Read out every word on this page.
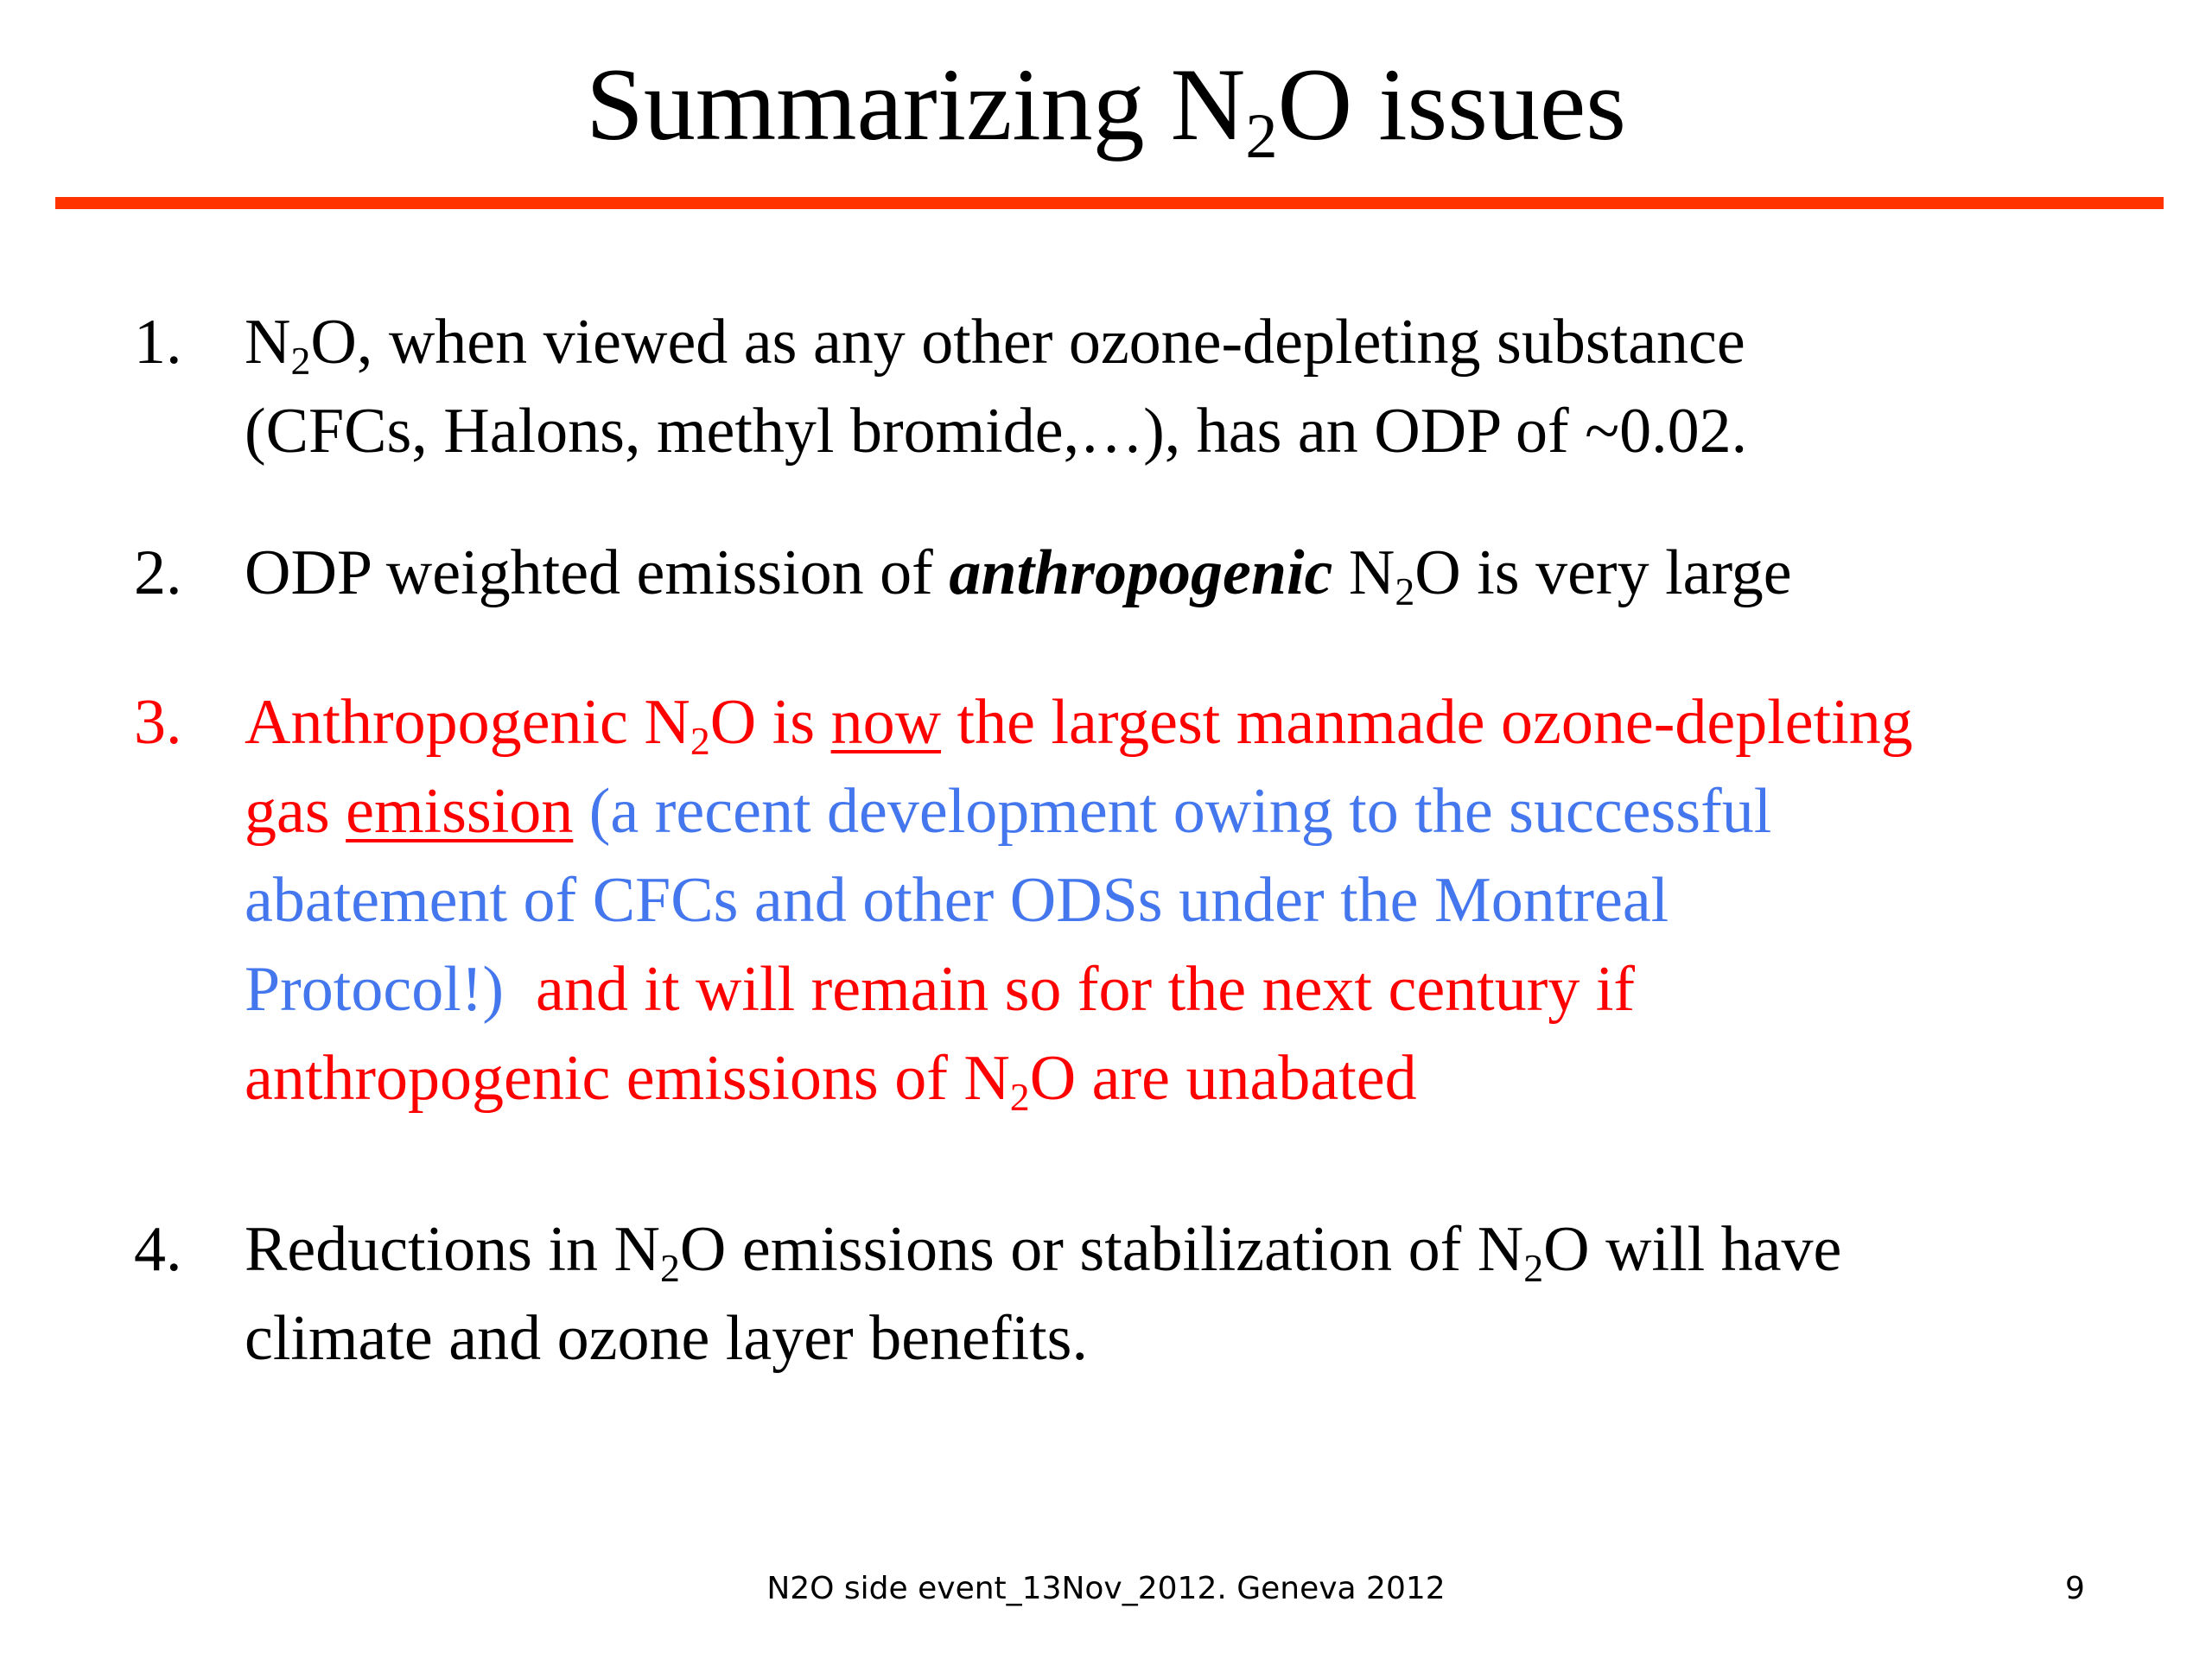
Summarizing $N_2O$ issues
1. $N_2O$, when viewed as any other ozone-depleting substance
(CFCs, Halons, methyl bromide,…), has an ODP of ~0.02.
2. ODP weighted emission of anthropogenic $N_2O$ is very large
3. Anthropogenic $N_2O$ is now the largest manmade ozone-depleting
gas emission (a recent development owing to the successful
abatement of CFCs and other ODSs under the Montreal
Protocol!)  and it will remain so for the next century if
anthropogenic emissions of $N_2O$ are unabated
4. Reductions in $N_2O$ emissions or stabilization of $N_2O$ will have
climate and ozone layer benefits.
N2O side event_13Nov_2012. Geneva 2012	9
